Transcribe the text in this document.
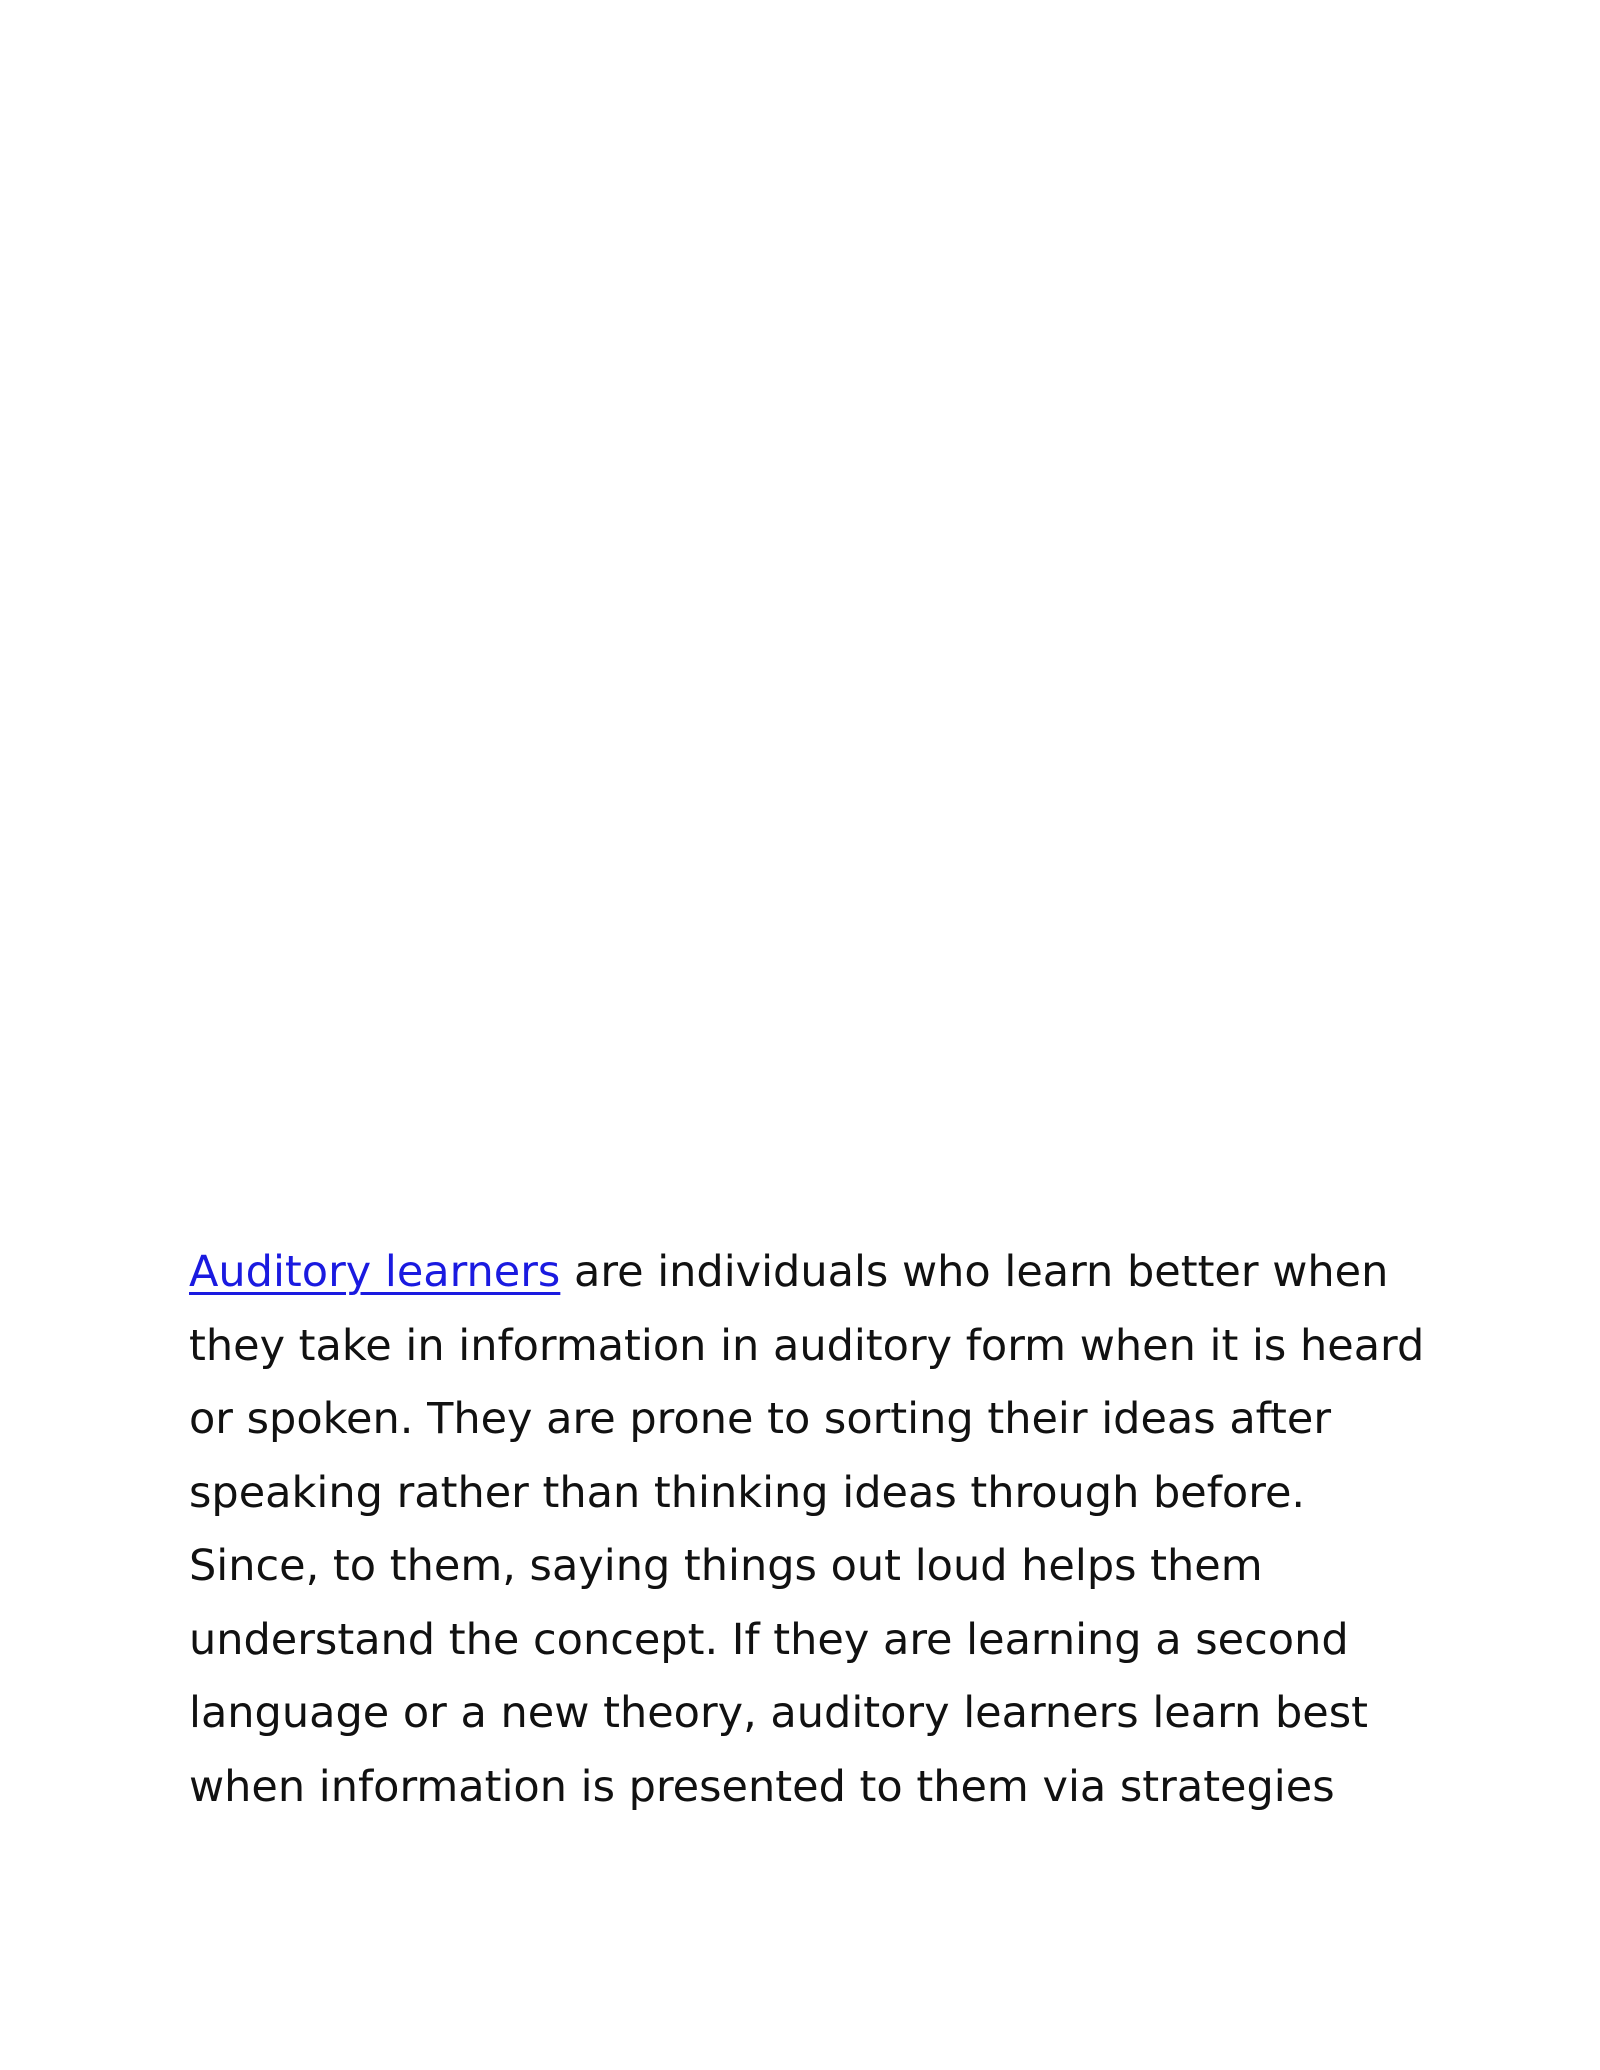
Auditory learners are individuals who learn better when
they take in information in auditory form when it is heard
or spoken. They are prone to sorting their ideas after
speaking rather than thinking ideas through before.
Since, to them, saying things out loud helps them
understand the concept. If they are learning a second
language or a new theory, auditory learners learn best
when information is presented to them via strategies
